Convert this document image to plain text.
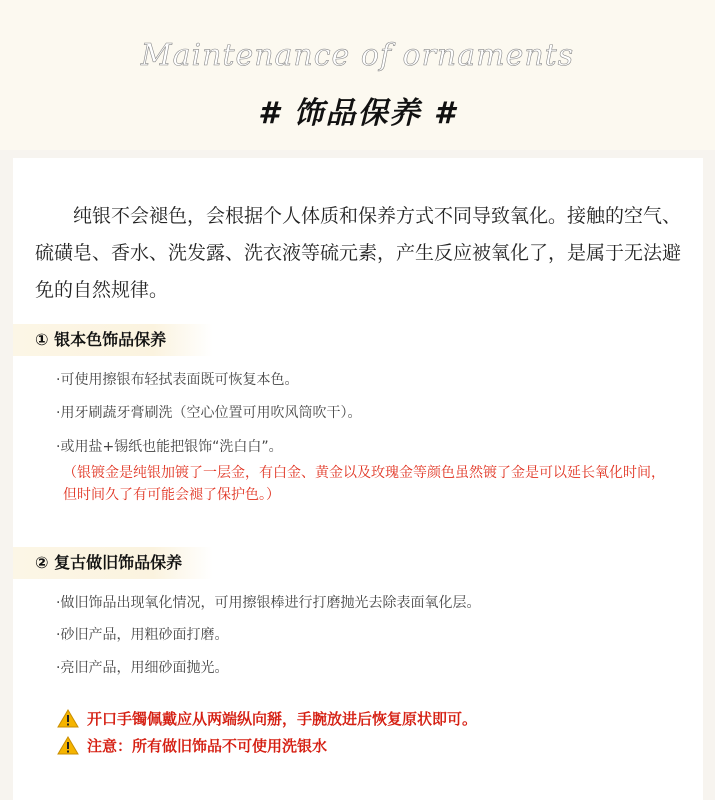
Maintenance of ornaments
# 饰品保养 #
纯银不会褪色，会根据个人体质和保养方式不同导致氧化。接触的空气、硫磺皂、香水、洗发露、洗衣液等硫元素，产生反应被氧化了，是属于无法避免的自然规律。
① 银本色饰品保养
·可使用擦银布轻拭表面既可恢复本色。
·用牙刷蔬牙膏刷洗（空心位置可用吹风筒吹干）。
·或用盐+锡纸也能把银饰“洗白白”。
（银镀金是纯银加镀了一层金，有白金、黄金以及玫瑰金等颜色虽然镀了金是可以延长氧化时间，但时间久了有可能会褪了保护色。）
② 复古做旧饰品保养
·做旧饰品出现氧化情况，可用擦银棒进行打磨抛光去除表面氧化层。
·砂旧产品，用粗砂面打磨。
·亮旧产品，用细砂面抛光。
开口手镯佩戴应从两端纵向掰，手腕放进后恢复原状即可。
注意：所有做旧饰品不可使用洗银水
